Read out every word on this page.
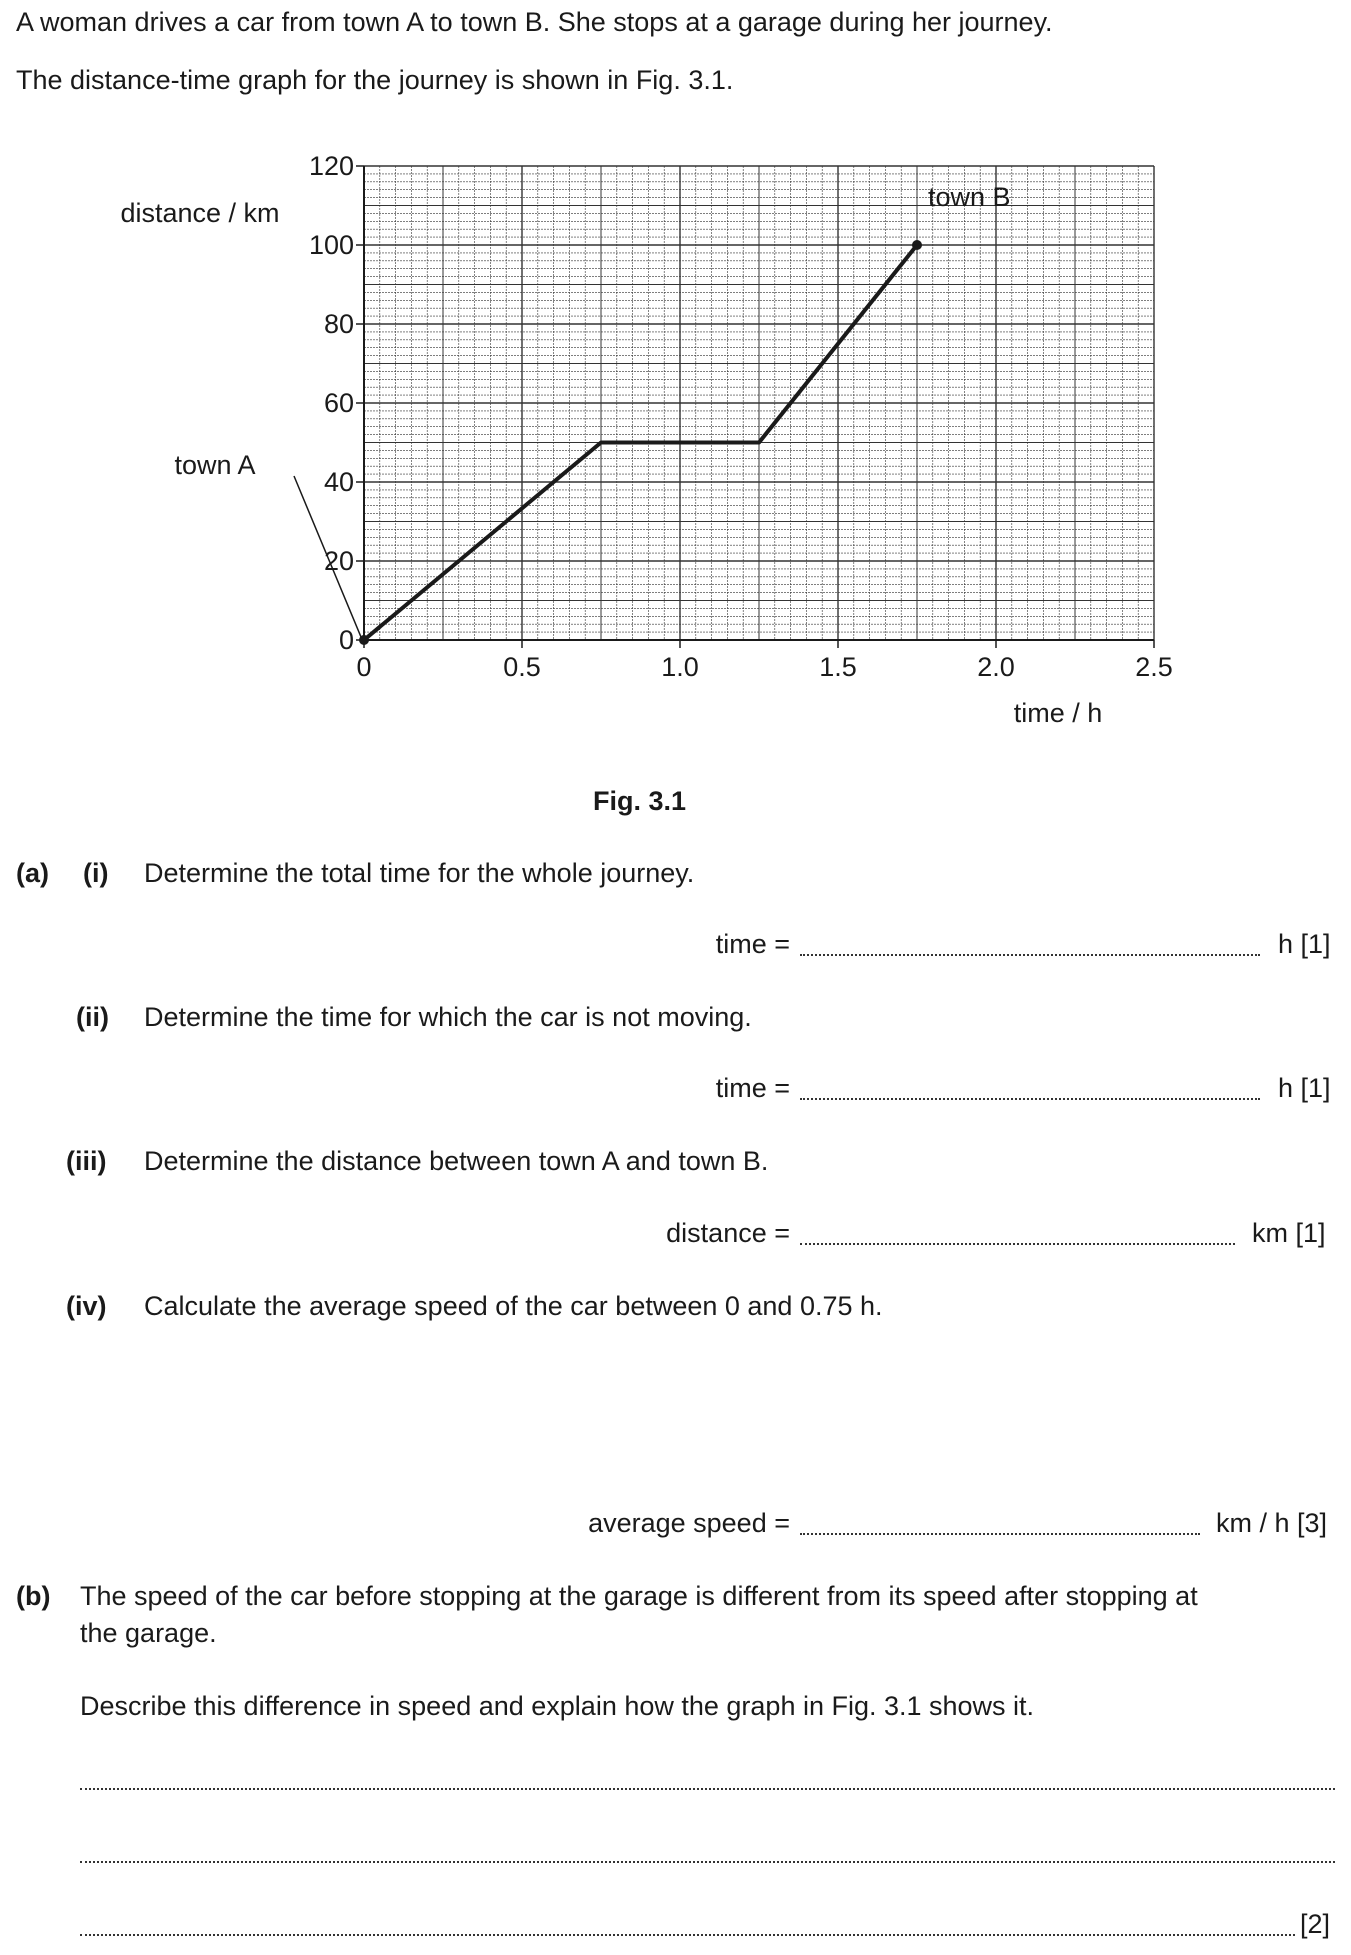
A woman drives a car from town A to town B. She stops at a garage during her journey.
The distance-time graph for the journey is shown in Fig. 3.1.
0	0.5	1.0	1.5	2.0	2.5
0
20
40
60
80
100
120
town A
town B
distance / km
time / h
Fig. 3.1
(a) (i) Determine the total time for the whole journey.
time =	h [1]
(ii) Determine the time for which the car is not moving.
time =	h [1]
(iii) Determine the distance between town A and town B.
distance =	km [1]
(iv) Calculate the average speed of the car between 0 and 0.75 h.
average speed =	km / h [3]
(b) The speed of the car before stopping at the garage is different from its speed after stopping at
the garage.
Describe this difference in speed and explain how the graph in Fig. 3.1 shows it.
[2]
